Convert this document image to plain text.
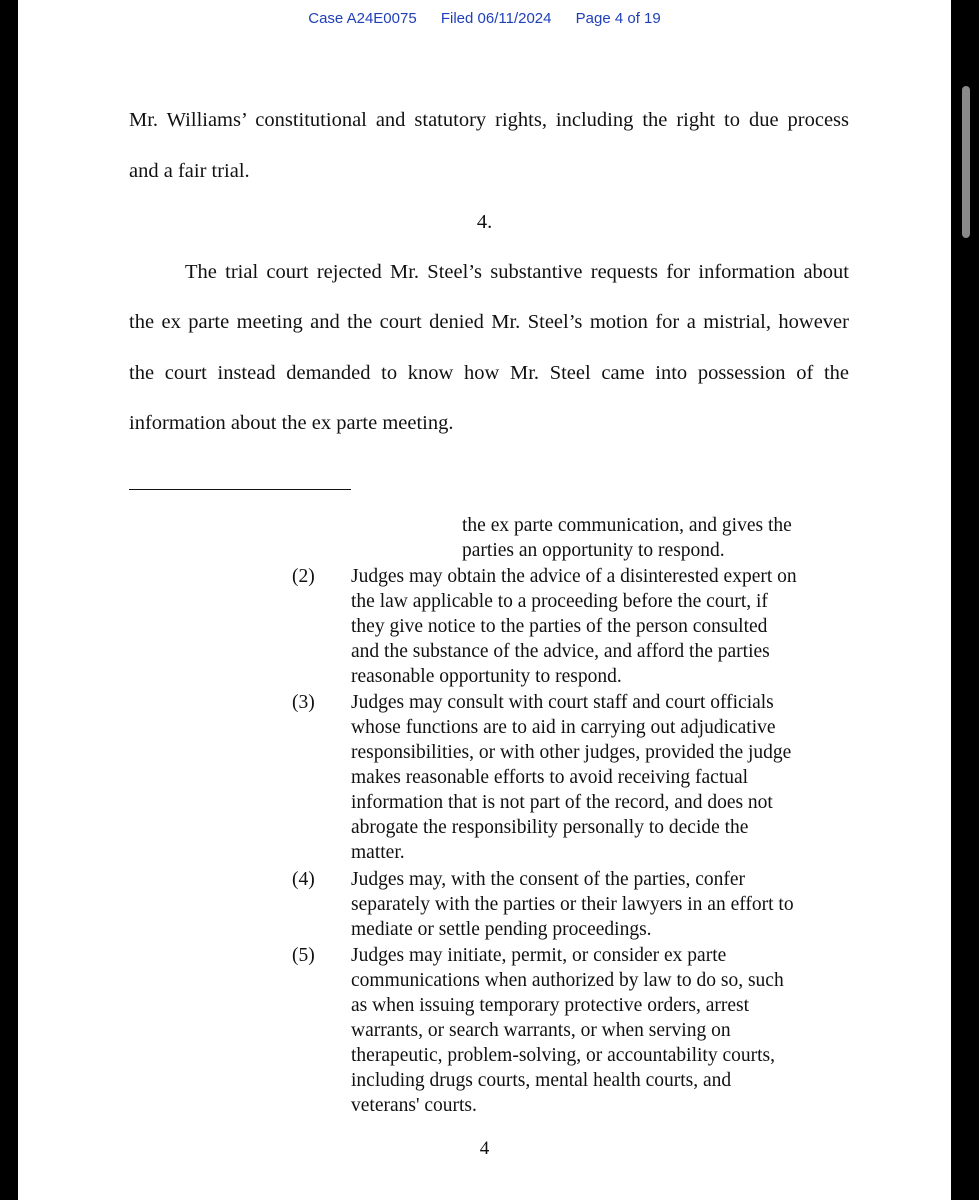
Case A24E0075 Filed 06/11/2024 Page 4 of 19
Mr. Williams’ constitutional and statutory rights, including the right to due process
and a fair trial.
4.
The trial court rejected Mr. Steel’s substantive requests for information about
the ex parte meeting and the court denied Mr. Steel’s motion for a mistrial, however
the court instead demanded to know how Mr. Steel came into possession of the
information about the ex parte meeting.
the ex parte communication, and gives the
parties an opportunity to respond.
(2) Judges may obtain the advice of a disinterested expert on
the law applicable to a proceeding before the court, if
they give notice to the parties of the person consulted
and the substance of the advice, and afford the parties
reasonable opportunity to respond.
(3) Judges may consult with court staff and court officials
whose functions are to aid in carrying out adjudicative
responsibilities, or with other judges, provided the judge
makes reasonable efforts to avoid receiving factual
information that is not part of the record, and does not
abrogate the responsibility personally to decide the
matter.
(4) Judges may, with the consent of the parties, confer
separately with the parties or their lawyers in an effort to
mediate or settle pending proceedings.
(5) Judges may initiate, permit, or consider ex parte
communications when authorized by law to do so, such
as when issuing temporary protective orders, arrest
warrants, or search warrants, or when serving on
therapeutic, problem-solving, or accountability courts,
including drugs courts, mental health courts, and
veterans' courts.
4
